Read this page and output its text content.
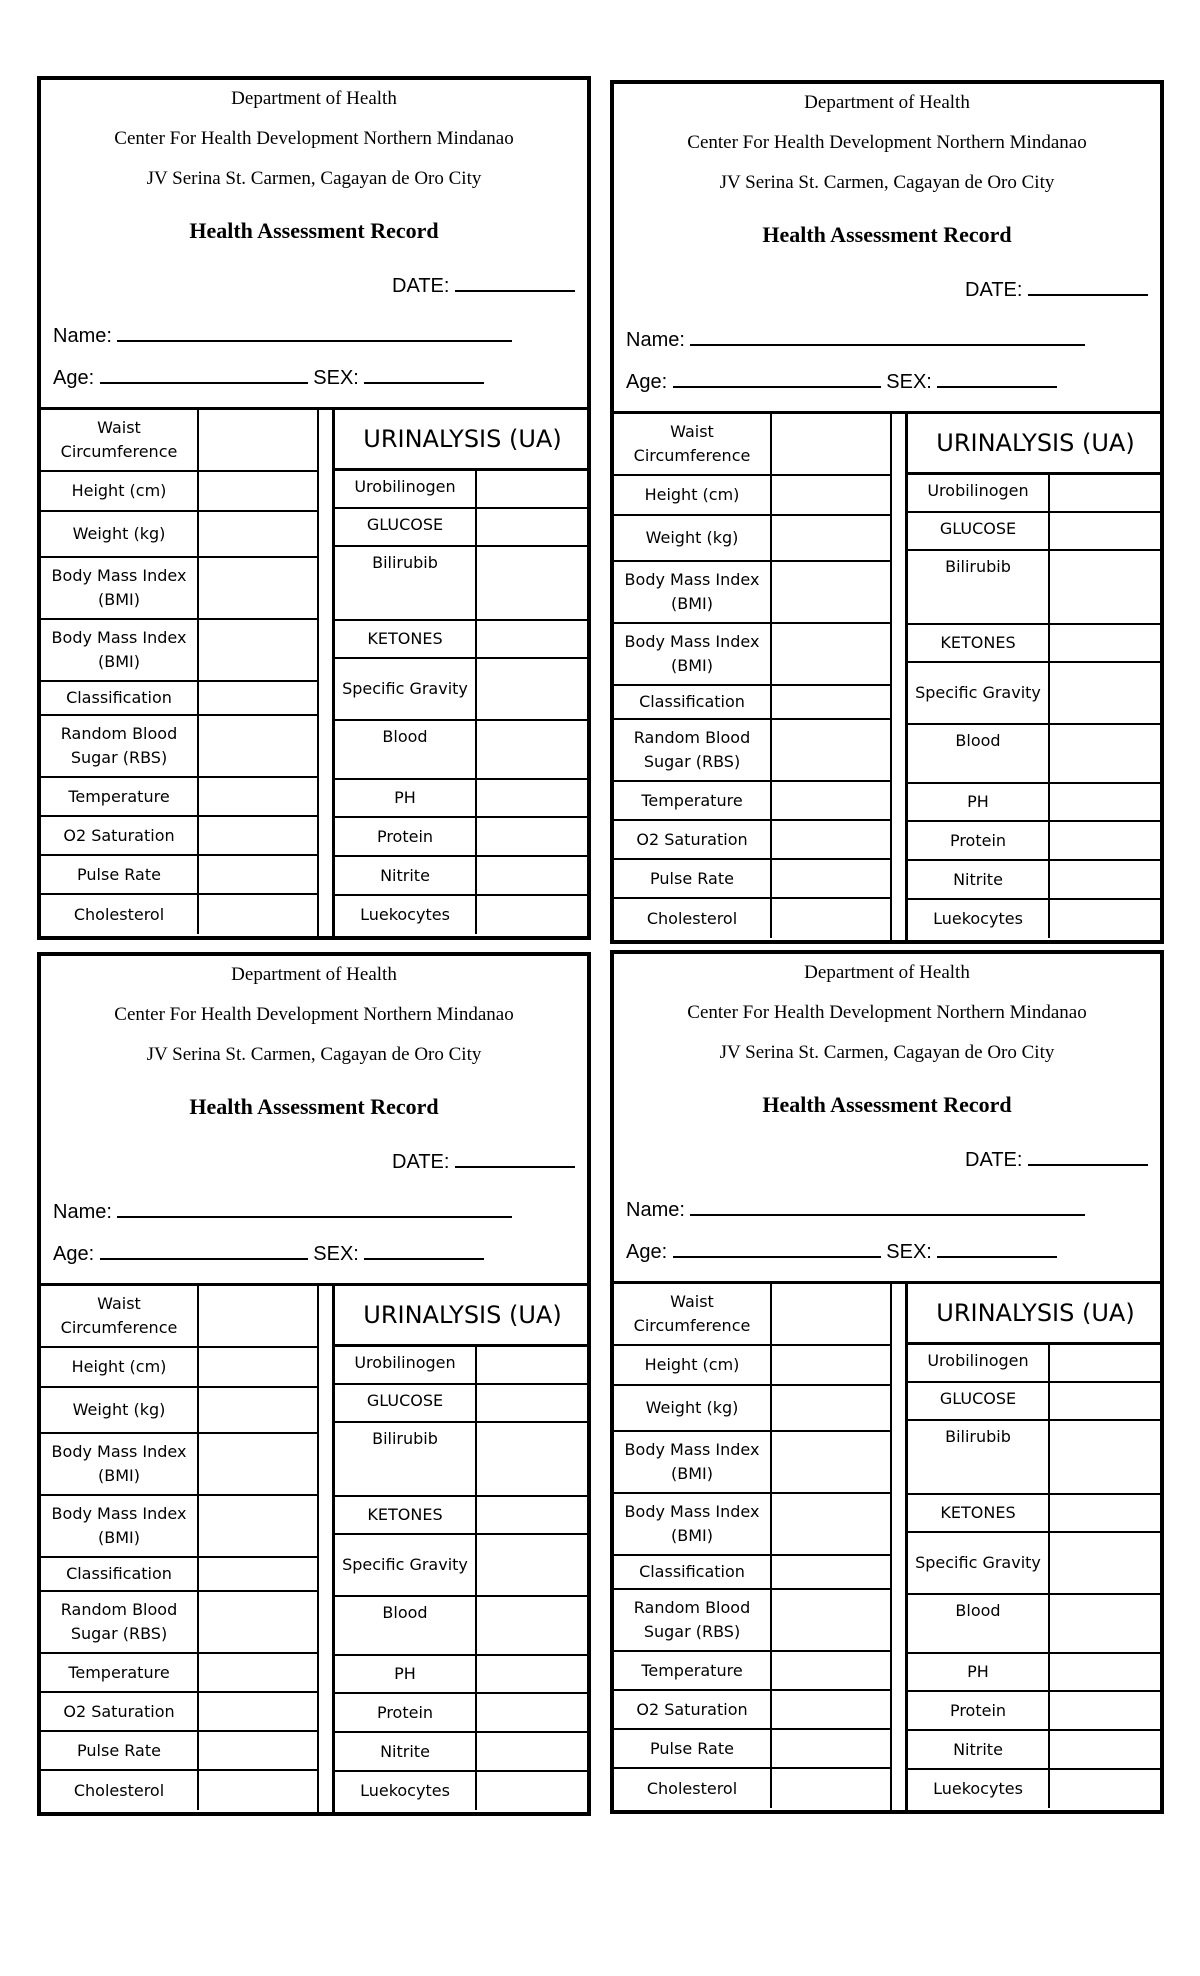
Department of Health
Center For Health Development Northern Mindanao
JV Serina St. Carmen, Cagayan de Oro City
Health Assessment Record
DATE:
Name:
Age:	SEX:
Waist Circumference
Height (cm)
Weight (kg)
Body Mass Index (BMI)
Body Mass Index (BMI)
Classification
Random Blood Sugar (RBS)
Temperature
O2 Saturation
Pulse Rate
Cholesterol
URINALYSIS (UA)
Urobilinogen
GLUCOSE
Bilirubib
KETONES
Specific Gravity
Blood
PH
Protein
Nitrite
Luekocytes
Department of Health
Center For Health Development Northern Mindanao
JV Serina St. Carmen, Cagayan de Oro City
Health Assessment Record
DATE:
Name:
Age:	SEX:
Waist Circumference
Height (cm)
Weight (kg)
Body Mass Index (BMI)
Body Mass Index (BMI)
Classification
Random Blood Sugar (RBS)
Temperature
O2 Saturation
Pulse Rate
Cholesterol
URINALYSIS (UA)
Urobilinogen
GLUCOSE
Bilirubib
KETONES
Specific Gravity
Blood
PH
Protein
Nitrite
Luekocytes
Department of Health
Center For Health Development Northern Mindanao
JV Serina St. Carmen, Cagayan de Oro City
Health Assessment Record
DATE:
Name:
Age:	SEX:
Waist Circumference
Height (cm)
Weight (kg)
Body Mass Index (BMI)
Body Mass Index (BMI)
Classification
Random Blood Sugar (RBS)
Temperature
O2 Saturation
Pulse Rate
Cholesterol
URINALYSIS (UA)
Urobilinogen
GLUCOSE
Bilirubib
KETONES
Specific Gravity
Blood
PH
Protein
Nitrite
Luekocytes
Department of Health
Center For Health Development Northern Mindanao
JV Serina St. Carmen, Cagayan de Oro City
Health Assessment Record
DATE:
Name:
Age:	SEX:
Waist Circumference
Height (cm)
Weight (kg)
Body Mass Index (BMI)
Body Mass Index (BMI)
Classification
Random Blood Sugar (RBS)
Temperature
O2 Saturation
Pulse Rate
Cholesterol
URINALYSIS (UA)
Urobilinogen
GLUCOSE
Bilirubib
KETONES
Specific Gravity
Blood
PH
Protein
Nitrite
Luekocytes
